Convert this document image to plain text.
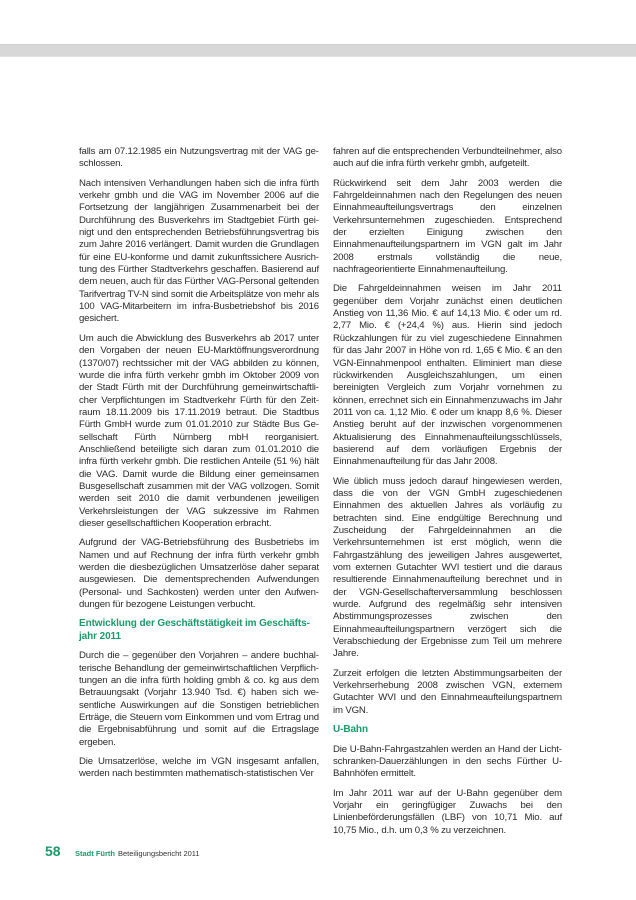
falls am 07.12.1985 ein Nutzungsvertrag mit der VAG geschlossen.

Nach intensiven Verhandlungen haben sich die infra fürth verkehr gmbh und die VAG im November 2006 auf die Fortsetzung der langjährigen Zusammenarbeit bei der Durchführung des Busverkehrs im Stadtgebiet Fürth geinigt und den entsprechenden Betriebsführungsvertrag bis zum Jahre 2016 verlängert. Damit wurden die Grundlagen für eine EU-konforme und damit zukunftssichere Ausrichtung des Fürther Stadtverkehrs geschaffen. Basierend auf dem neuen, auch für das Fürther VAG-Personal geltenden Tarifvertrag TV-N sind somit die Arbeitsplätze von mehr als 100 VAG-Mitarbeitern im infra-Busbetriebshof bis 2016 gesichert.

Um auch die Abwicklung des Busverkehrs ab 2017 unter den Vorgaben der neuen EU-Marktöffnungsverordnung (1370/07) rechtssicher mit der VAG abbilden zu können, wurde die infra fürth verkehr gmbh im Oktober 2009 von der Stadt Fürth mit der Durchführung gemeinwirtschaftlicher Verpflichtungen im Stadtverkehr Fürth für den Zeitraum 18.11.2009 bis 17.11.2019 betraut. Die Stadtbus Fürth GmbH wurde zum 01.01.2010 zur Städte Bus Gesellschaft Fürth Nürnberg mbH reorganisiert. Anschließend beteiligte sich daran zum 01.01.2010 die infra fürth verkehr gmbh. Die restlichen Anteile (51 %) hält die VAG. Damit wurde die Bildung einer gemeinsamen Busgesellschaft zusammen mit der VAG vollzogen. Somit werden seit 2010 die damit verbundenen jeweiligen Verkehrsleistungen der VAG sukzessive im Rahmen dieser gesellschaftlichen Kooperation erbracht.

Aufgrund der VAG-Betriebsführung des Busbetriebs im Namen und auf Rechnung der infra fürth verkehr gmbh werden die diesbezüglichen Umsatzerlöse daher separat ausgewiesen. Die dementsprechenden Aufwendungen (Personal- und Sachkosten) werden unter den Aufwendungen für bezogene Leistungen verbucht.

Entwicklung der Geschäftstätigkeit im Geschäftsjahr 2011

Durch die – gegenüber den Vorjahren – andere buchhalterische Behandlung der gemeinwirtschaftlichen Verpflichtungen an die infra fürth holding gmbh & co. kg aus dem Betrauungsakt (Vorjahr 13.940 Tsd. €) haben sich wesentliche Auswirkungen auf die Sonstigen betrieblichen Erträge, die Steuern vom Einkommen und vom Ertrag und die Ergebnisabführung und somit auf die Ertragslage ergeben.

Die Umsatzerlöse, welche im VGN insgesamt anfallen, werden nach bestimmten mathematisch-statistischen Ver

fahren auf die entsprechenden Verbundteilnehmer, also auch auf die infra fürth verkehr gmbh, aufgeteilt.

Rückwirkend seit dem Jahr 2003 werden die Fahrgeldeinnahmen nach den Regelungen des neuen Einnahmeaufteilungsvertrags den einzelnen Verkehrsunternehmen zugeschieden. Entsprechend der erzielten Einigung zwischen den Einnahmenaufteilungspartnern im VGN galt im Jahr 2008 erstmals vollständig die neue, nachfrageorientierte Einnahmenaufteilung.

Die Fahrgeldeinnahmen weisen im Jahr 2011 gegenüber dem Vorjahr zunächst einen deutlichen Anstieg von 11,36 Mio. € auf 14,13 Mio. € oder um rd. 2,77 Mio. € (+24,4 %) aus. Hierin sind jedoch Rückzahlungen für zu viel zugeschiedene Einnahmen für das Jahr 2007 in Höhe von rd. 1,65 € Mio. € an den VGN-Einnahmenpool enthalten. Eliminiert man diese rückwirkenden Ausgleichszahlungen, um einen bereinigten Vergleich zum Vorjahr vornehmen zu können, errechnet sich ein Einnahmenzuwachs im Jahr 2011 von ca. 1,12 Mio. € oder um knapp 8,6 %. Dieser Anstieg beruht auf der inzwischen vorgenommenen Aktualisierung des Einnahmenaufteilungsschlüssels, basierend auf dem vorläufigen Ergebnis der Einnahmenaufteilung für das Jahr 2008.

Wie üblich muss jedoch darauf hingewiesen werden, dass die von der VGN GmbH zugeschiedenen Einnahmen des aktuellen Jahres als vorläufig zu betrachten sind. Eine endgültige Berechnung und Zuscheidung der Fahrgeldeinnahmen an die Verkehrsunternehmen ist erst möglich, wenn die Fahrgastzählung des jeweiligen Jahres ausgewertet, vom externen Gutachter WVI testiert und die daraus resultierende Einnahmenaufteilung berechnet und in der VGN-Gesellschafterversammlung beschlossen wurde. Aufgrund des regelmäßig sehr intensiven Abstimmungsprozesses zwischen den Einnahmeaufteilungspartnern verzögert sich die Verabschiedung der Ergebnisse zum Teil um mehrere Jahre.

Zurzeit erfolgen die letzten Abstimmungsarbeiten der Verkehrserhebung 2008 zwischen VGN, externem Gutachter WVI und den Einnahmeaufteilungspartnern im VGN.

U-Bahn

Die U-Bahn-Fahrgastzahlen werden an Hand der Lichtschranken-Dauerzählungen in den sechs Fürther U-Bahnhöfen ermittelt.

Im Jahr 2011 war auf der U-Bahn gegenüber dem Vorjahr ein geringfügiger Zuwachs bei den Linienbeförderungsfällen (LBF) von 10,71 Mio. auf 10,75 Mio., d.h. um 0,3 % zu verzeichnen.

58	Stadt Fürth Beteiligungsbericht 2011
